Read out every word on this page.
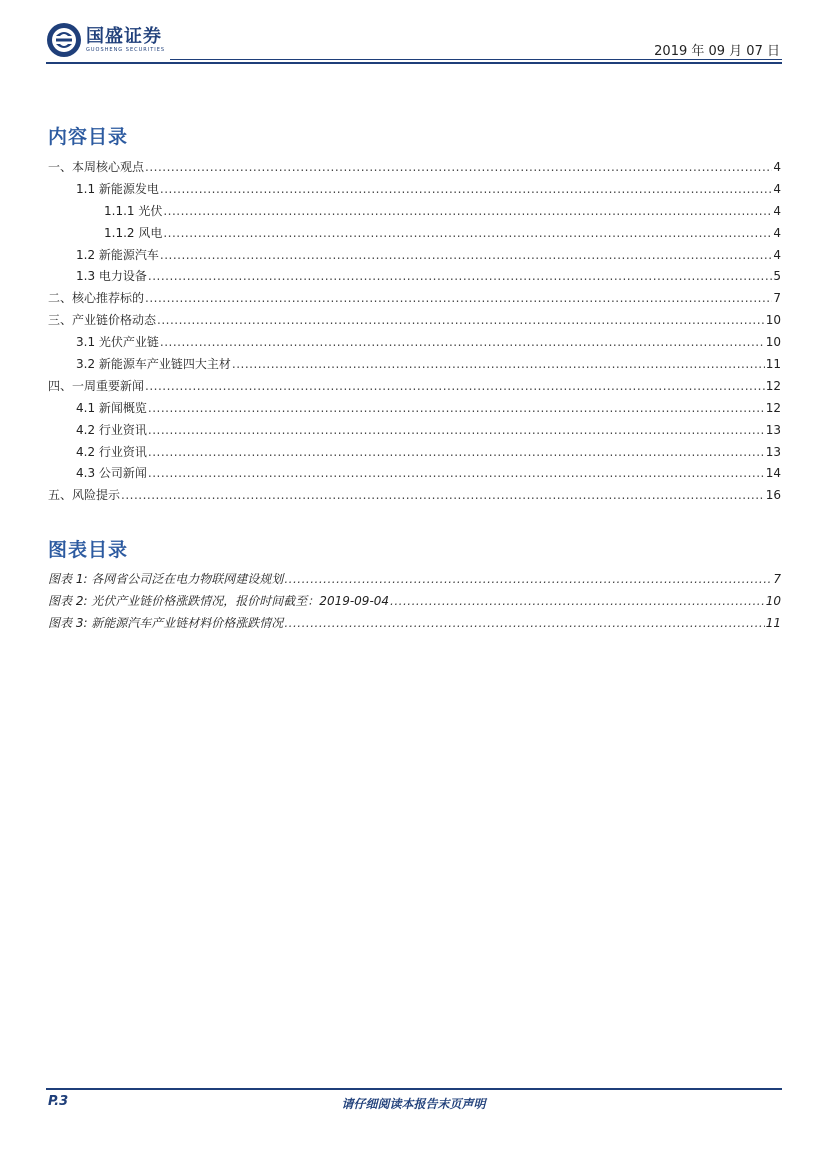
国盛证券
GUOSHENG SECURITIES	2019 年 09 月 07 日
内容目录
一、本周核心观点 .....	4
1.1 新能源发电 .....	4
1.1.1 光伏 .....	4
1.1.2 风电 .....	4
1.2 新能源汽车 .....	4
1.3 电力设备 .....	5
二、核心推荐标的 .....	7
三、产业链价格动态 .....	10
3.1 光伏产业链 .....	10
3.2 新能源车产业链四大主材 .....	11
四、一周重要新闻 .....	12
4.1 新闻概览 .....	12
4.2 行业资讯 .....	13
4.2 行业资讯 .....	13
4.3 公司新闻 .....	14
五、风险提示 .....	16
图表目录
图表 1: 各网省公司泛在电力物联网建设规划 .....	7
图表 2: 光伏产业链价格涨跌情况，报价时间截至：2019-09-04 .....	10
图表 3: 新能源汽车产业链材料价格涨跌情况 .....	11
P.3	请仔细阅读本报告末页声明
